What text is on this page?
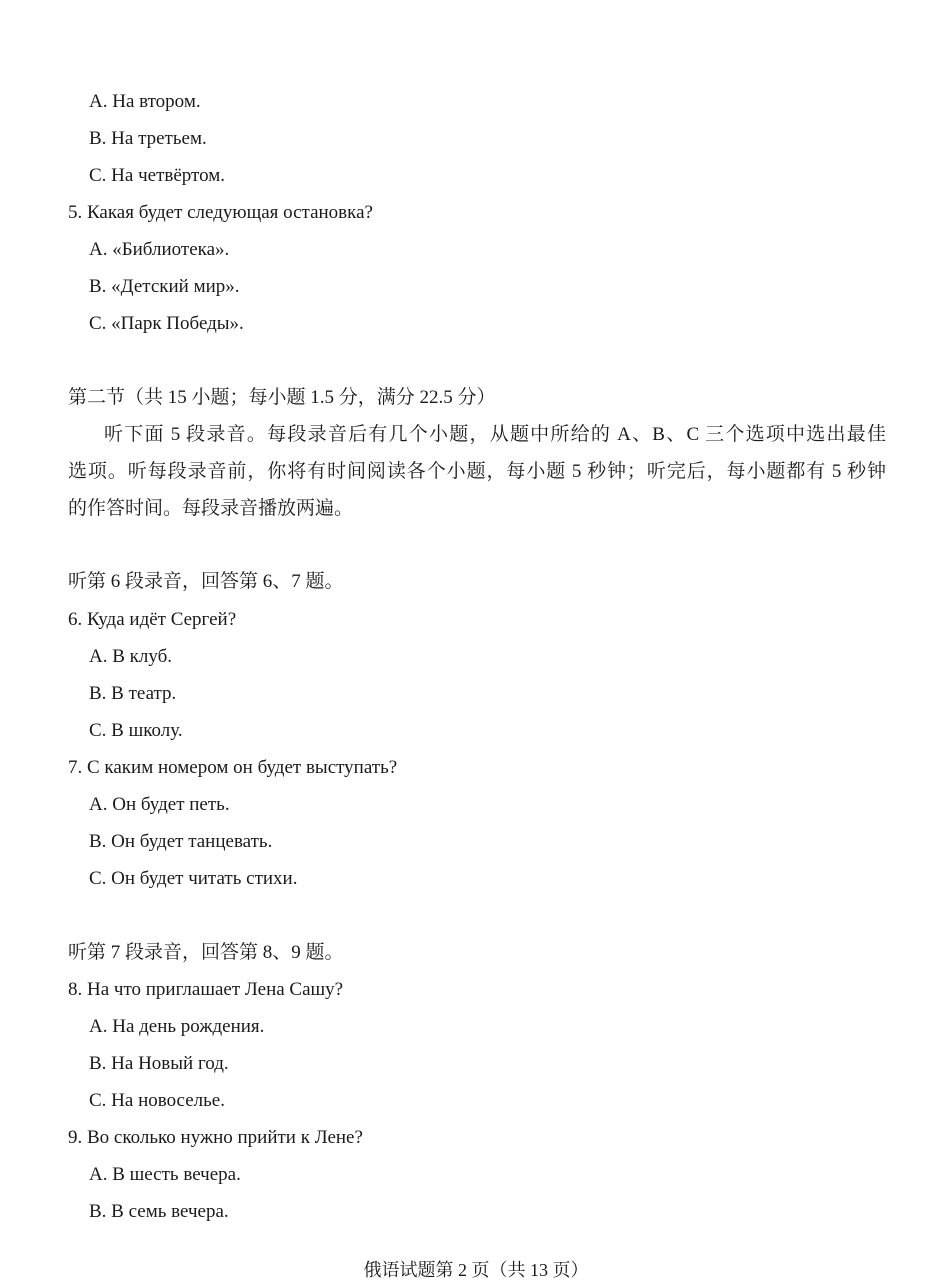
A. На втором.
B. На третьем.
C. На четвёртом.
5. Какая будет следующая остановка?
A. «Библиотека».
B. «Детский мир».
C. «Парк Победы».
第二节（共 15 小题；每小题 1.5 分，满分 22.5 分）
听下面 5 段录音。每段录音后有几个小题，从题中所给的 A、B、C 三个选项中选出最佳
选项。听每段录音前，你将有时间阅读各个小题，每小题 5 秒钟；听完后，每小题都有 5 秒钟
的作答时间。每段录音播放两遍。
听第 6 段录音，回答第 6、7 题。
6. Куда идёт Сергей?
A. В клуб.
B. В театр.
C. В школу.
7. С каким номером он будет выступать?
A. Он будет петь.
B. Он будет танцевать.
C. Он будет читать стихи.
听第 7 段录音，回答第 8、9 题。
8. На что приглашает Лена Сашу?
A. На день рождения.
B. На Новый год.
C. На новоселье.
9. Во сколько нужно прийти к Лене?
A. В шесть вечера.
B. В семь вечера.
俄语试题第 2 页（共 13 页）
